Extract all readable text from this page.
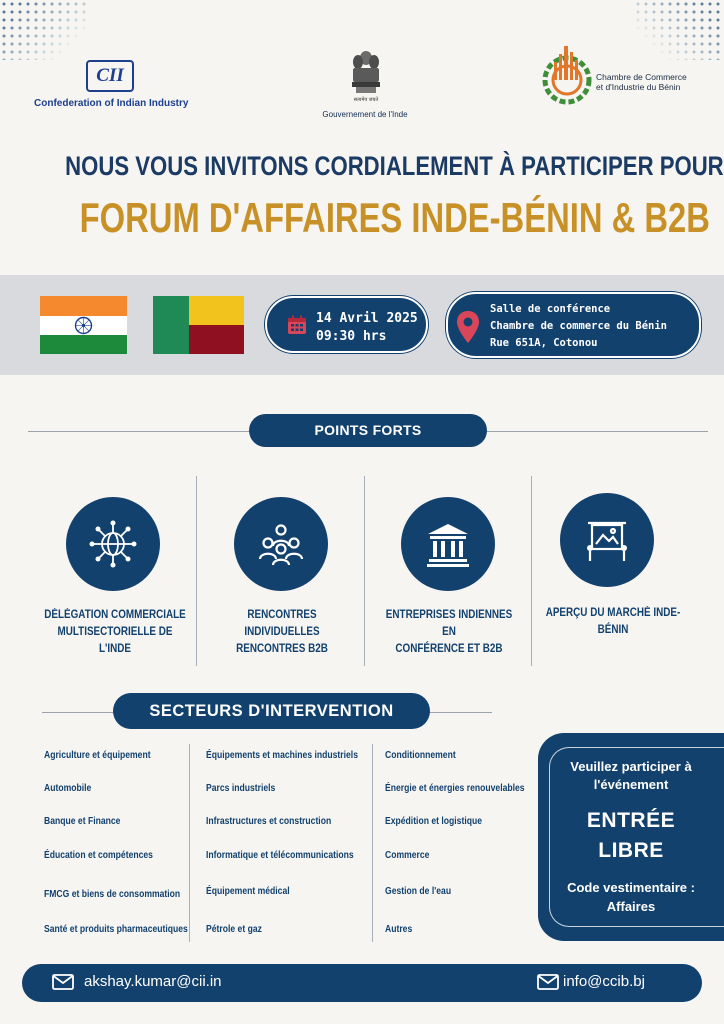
CII
Confederation of Indian Industry	सत्यमेव जयते
Gouvernement de l'Inde
Chambre de Commerce
et d'Industrie du Bénin
NOUS VOUS INVITONS CORDIALEMENT À PARTICIPER POUR
FORUM D'AFFAIRES INDE-BÉNIN & B2B
14 Avril 2025
09:30 hrs
Salle de conférence
Chambre de commerce du Bénin
Rue 651A, Cotonou
POINTS FORTS
DÉLÉGATION COMMERCIALE
MULTISECTORIELLE DE
L'INDE
RENCONTRES INDIVIDUELLES
RENCONTRES B2B
ENTREPRISES INDIENNES EN
CONFÉRENCE ET B2B
APERÇU DU MARCHÉ INDE-
BÉNIN
SECTEURS D'INTERVENTION
Agriculture et équipement
Automobile
Banque et Finance
Éducation et compétences
FMCG et biens de consommation
Santé et produits pharmaceutiques
Équipements et machines industriels
Parcs industriels
Infrastructures et construction
Informatique et télécommunications
Équipement médical
Pétrole et gaz
Conditionnement
Énergie et énergies renouvelables
Expédition et logistique
Commerce
Gestion de l'eau
Autres
Veuillez participer à
l'événement
ENTRÉE
LIBRE
Code vestimentaire :
Affaires
akshay.kumar@cii.in	info@ccib.bj
